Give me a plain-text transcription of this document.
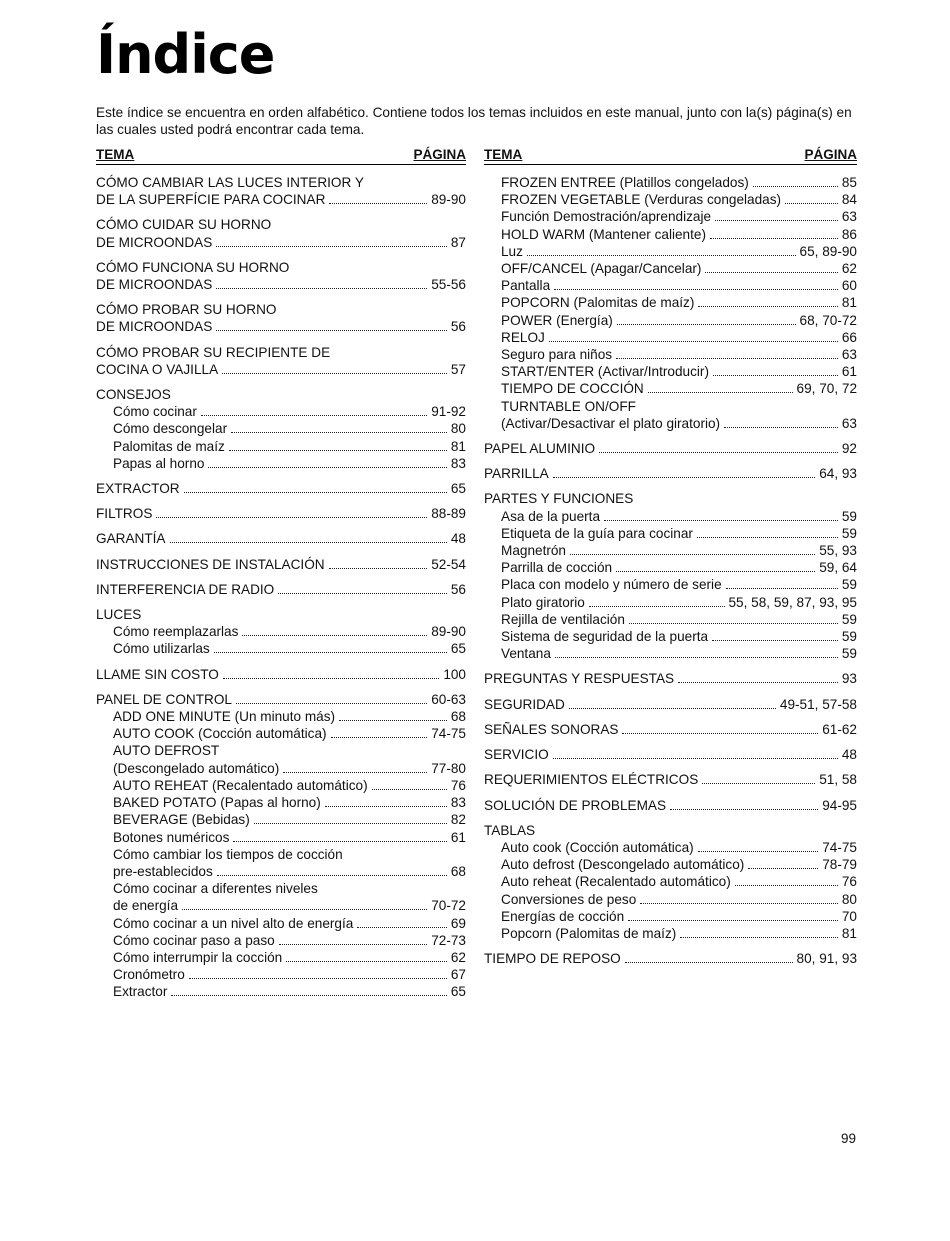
Índice

Este índice se encuentra en orden alfabético. Contiene todos los temas incluidos en este manual, junto con la(s) página(s) en las cuales usted podrá encontrar cada tema.

TEMA	PÁGINA
CÓMO CAMBIAR LAS LUCES INTERIOR Y
DE LA SUPERFÍCIE PARA COCINAR	89-90
CÓMO CUIDAR SU HORNO
DE MICROONDAS	87
CÓMO FUNCIONA SU HORNO
DE MICROONDAS	55-56
CÓMO PROBAR SU HORNO
DE MICROONDAS	56
CÓMO PROBAR SU RECIPIENTE DE
COCINA O VAJILLA	57
CONSEJOS
Cómo cocinar	91-92
Cómo descongelar	80
Palomitas de maíz	81
Papas al horno	83
EXTRACTOR	65
FILTROS	88-89
GARANTÍA	48
INSTRUCCIONES DE INSTALACIÓN	52-54
INTERFERENCIA DE RADIO	56
LUCES
Cómo reemplazarlas	89-90
Cómo utilizarlas	65
LLAME SIN COSTO	100
PANEL DE CONTROL	60-63
ADD ONE MINUTE (Un minuto más)	68
AUTO COOK (Cocción automática)	74-75
AUTO DEFROST
(Descongelado automático)	77-80
AUTO REHEAT (Recalentado automático)	76
BAKED POTATO (Papas al horno)	83
BEVERAGE (Bebidas)	82
Botones numéricos	61
Cómo cambiar los tiempos de cocción
pre-establecidos	68
Cómo cocinar a diferentes niveles
de energía	70-72
Cómo cocinar a un nivel alto de energía	69
Cómo cocinar paso a paso	72-73
Cómo interrumpir la cocción	62
Cronómetro	67
Extractor	65
TEMA	PÁGINA
FROZEN ENTREE (Platillos congelados)	85
FROZEN VEGETABLE (Verduras congeladas)	84
Función Demostración/aprendizaje	63
HOLD WARM (Mantener caliente)	86
Luz	65, 89-90
OFF/CANCEL (Apagar/Cancelar)	62
Pantalla	60
POPCORN (Palomitas de maíz)	81
POWER (Energía)	68, 70-72
RELOJ	66
Seguro para niños	63
START/ENTER (Activar/Introducir)	61
TIEMPO DE COCCIÓN	69, 70, 72
TURNTABLE ON/OFF
(Activar/Desactivar el plato giratorio)	63
PAPEL ALUMINIO	92
PARRILLA	64, 93
PARTES Y FUNCIONES
Asa de la puerta	59
Etiqueta de la guía para cocinar	59
Magnetrón	55, 93
Parrilla de cocción	59, 64
Placa con modelo y número de serie	59
Plato giratorio	55, 58, 59, 87, 93, 95
Rejilla de ventilación	59
Sistema de seguridad de la puerta	59
Ventana	59
PREGUNTAS Y RESPUESTAS	93
SEGURIDAD	49-51, 57-58
SEÑALES SONORAS	61-62
SERVICIO	48
REQUERIMIENTOS ELÉCTRICOS	51, 58
SOLUCIÓN DE PROBLEMAS	94-95
TABLAS
Auto cook (Cocción automática)	74-75
Auto defrost (Descongelado automático)	78-79
Auto reheat (Recalentado automático)	76
Conversiones de peso	80
Energías de cocción	70
Popcorn (Palomitas de maíz)	81
TIEMPO DE REPOSO	80, 91, 93
99
